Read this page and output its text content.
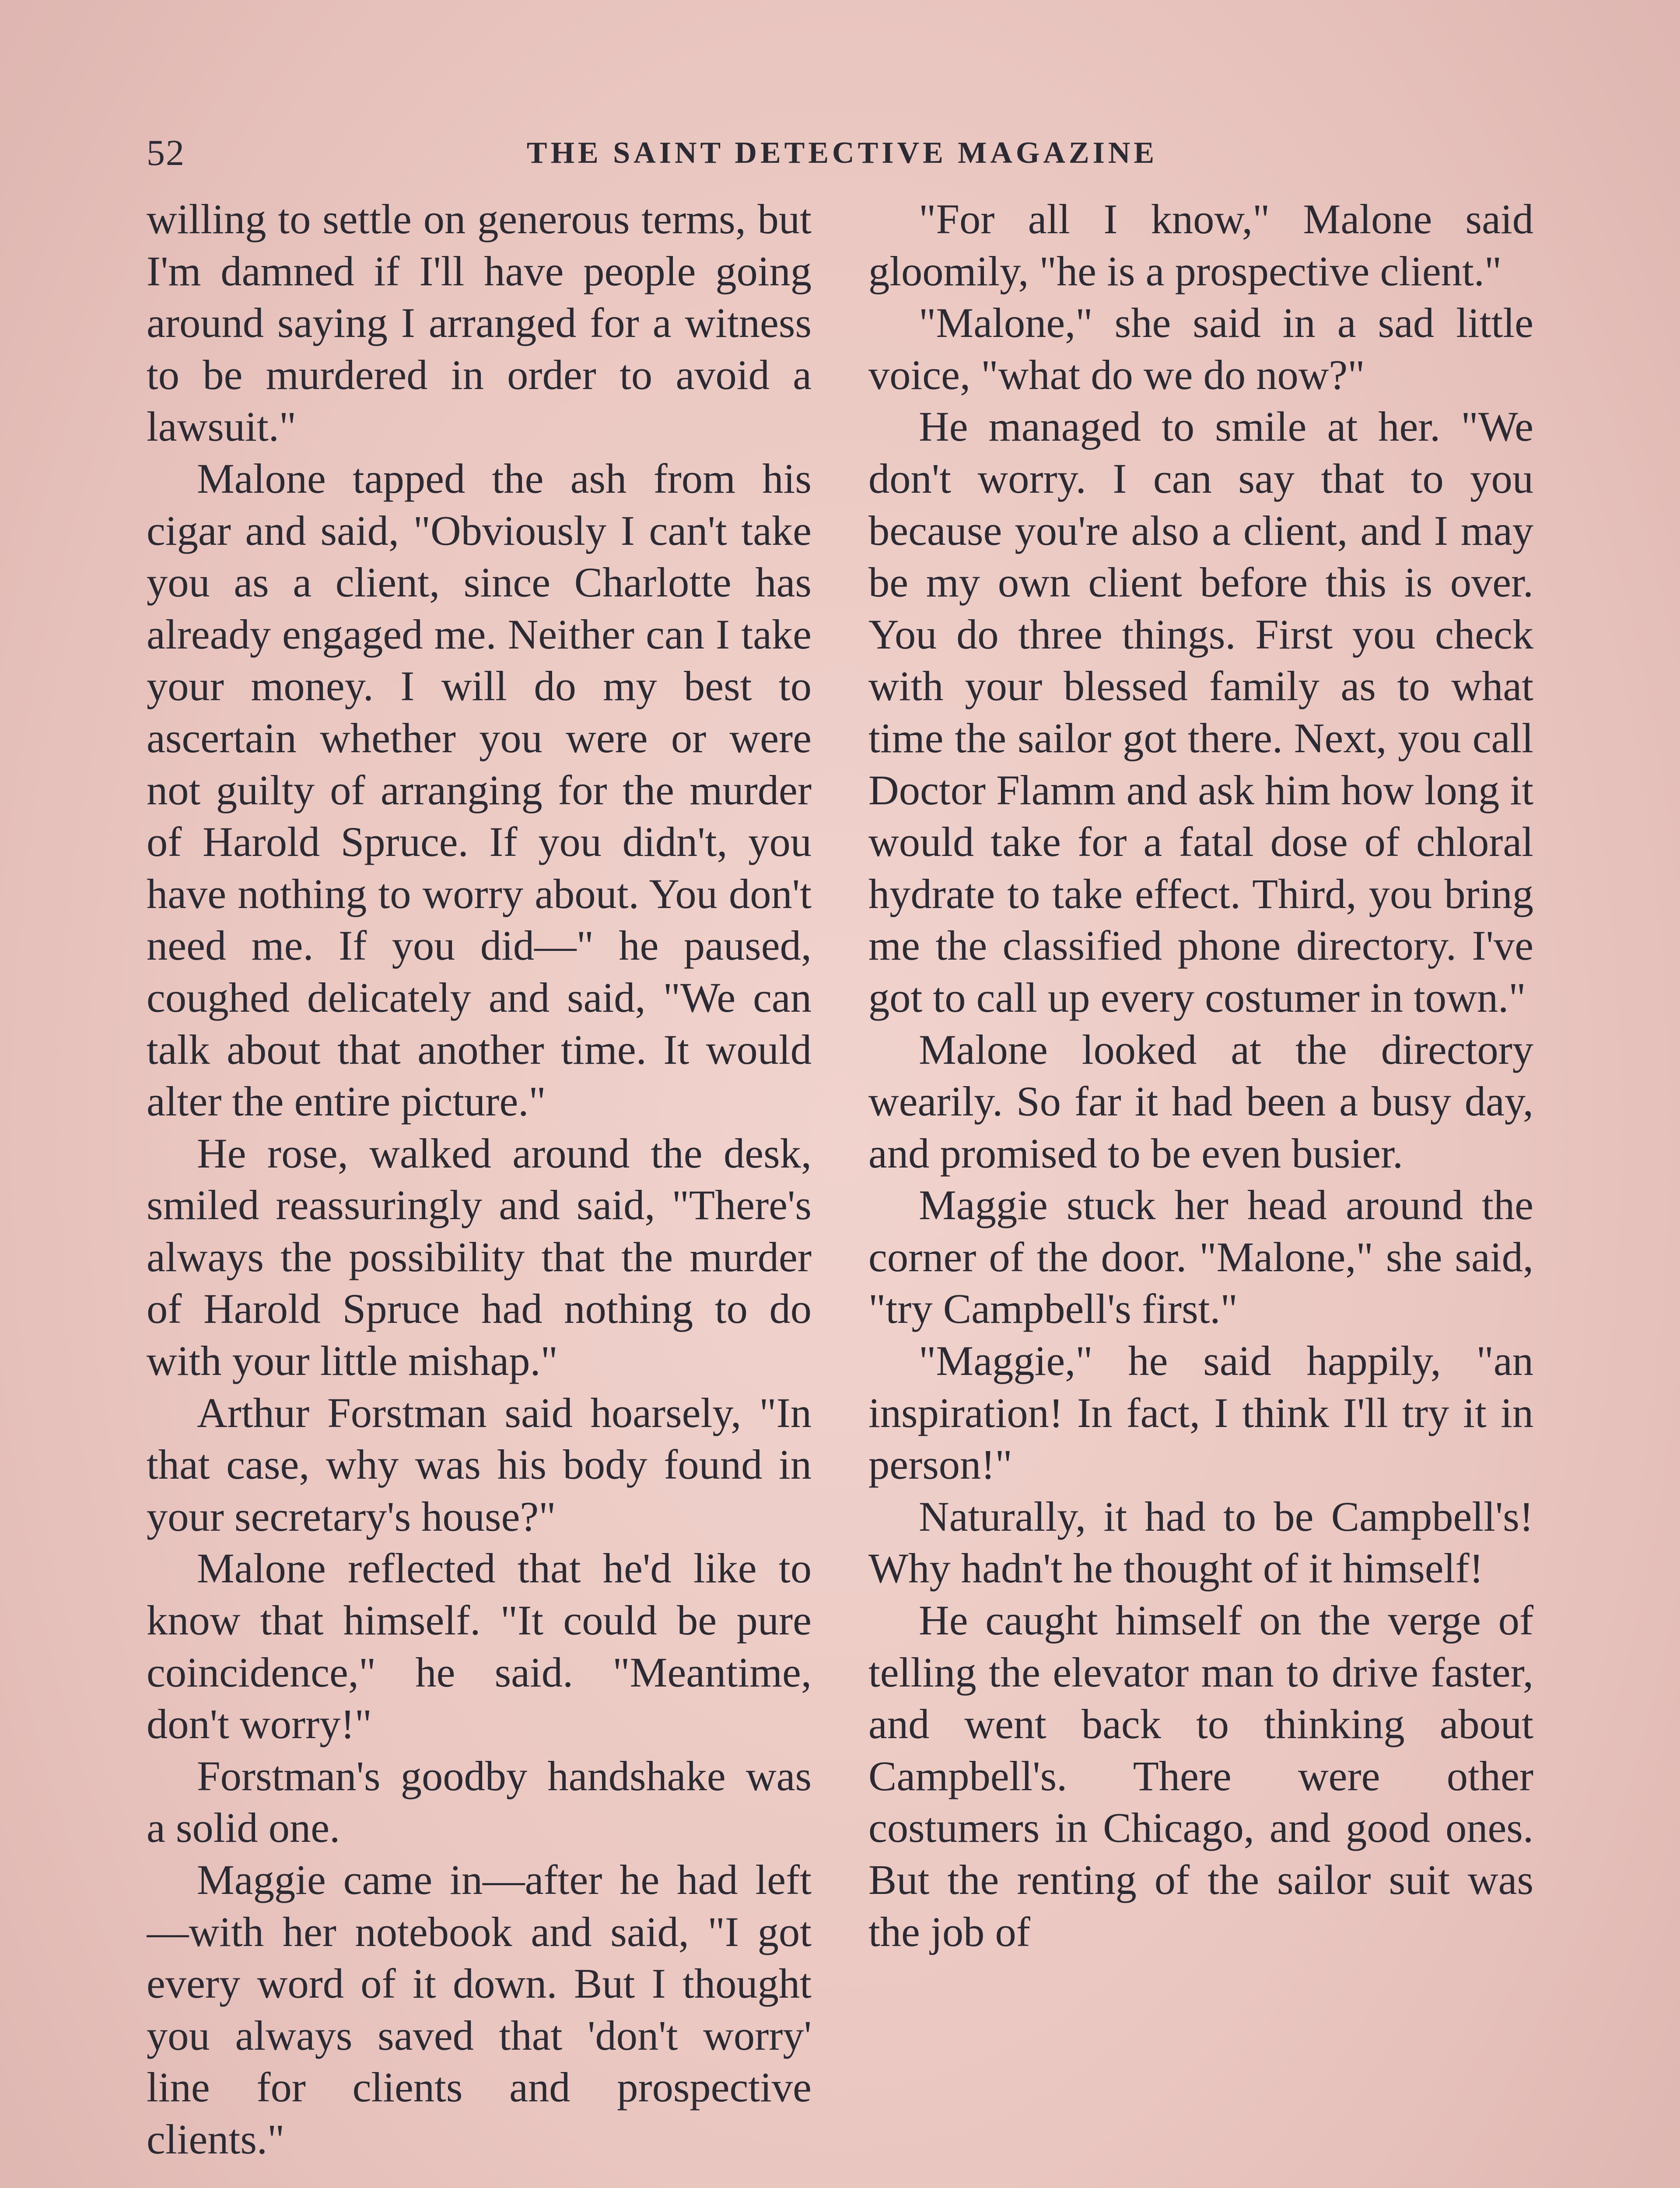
52	THE SAINT DETECTIVE MAGAZINE

willing to settle on generous terms, but I'm damned if I'll have people going around saying I arranged for a witness to be murdered in order to avoid a lawsuit."

Malone tapped the ash from his cigar and said, "Obviously I can't take you as a client, since Charlotte has already engaged me. Neither can I take your money. I will do my best to ascertain whether you were or were not guilty of arranging for the murder of Harold Spruce. If you didn't, you have nothing to worry about. You don't need me. If you did—" he paused, coughed delicately and said, "We can talk about that another time. It would alter the entire picture."

He rose, walked around the desk, smiled reassuringly and said, "There's always the possibility that the murder of Harold Spruce had nothing to do with your little mishap."

Arthur Forstman said hoarsely, "In that case, why was his body found in your secretary's house?"

Malone reflected that he'd like to know that himself. "It could be pure coincidence," he said. "Meantime, don't worry!"

Forstman's goodby handshake was a solid one.

Maggie came in—after he had left—with her notebook and said, "I got every word of it down. But I thought you always saved that 'don't worry' line for clients and prospective clients."

"For all I know," Malone said gloomily, "he is a prospective client."

"Malone," she said in a sad little voice, "what do we do now?"

He managed to smile at her. "We don't worry. I can say that to you because you're also a client, and I may be my own client before this is over. You do three things. First you check with your blessed family as to what time the sailor got there. Next, you call Doctor Flamm and ask him how long it would take for a fatal dose of chloral hydrate to take effect. Third, you bring me the classified phone directory. I've got to call up every costumer in town."

Malone looked at the directory wearily. So far it had been a busy day, and promised to be even busier.

Maggie stuck her head around the corner of the door. "Malone," she said, "try Campbell's first."

"Maggie," he said happily, "an inspiration! In fact, I think I'll try it in person!"

Naturally, it had to be Campbell's! Why hadn't he thought of it himself!

He caught himself on the verge of telling the elevator man to drive faster, and went back to thinking about Campbell's. There were other costumers in Chicago, and good ones. But the renting of the sailor suit was the job of
